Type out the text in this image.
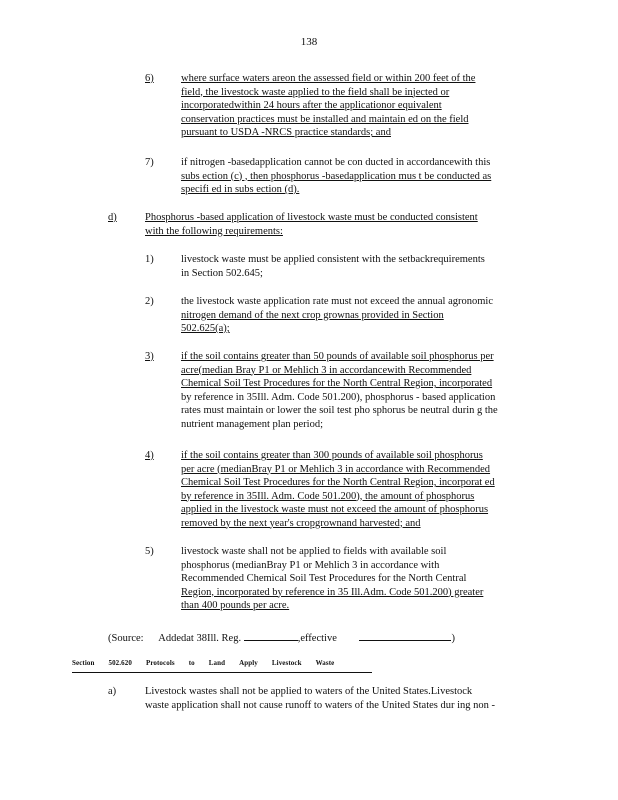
138
6)	where surface waters areon the assessed field or within 200 feet of the
field, the livestock waste applied to the field shall be injected or
incorporatedwithin 24 hours after the applicationor equivalent
conservation practices must be installed and maintain ed on the field
pursuant to USDA -NRCS practice standards; and
7)	if nitrogen -basedapplication cannot be con ducted in accordancewith this
subs ection (c) , then phosphorus -basedapplication mus t be conducted as
specifi ed in subs ection (d).
d)	Phosphorus -based application of livestock waste must be conducted consistent
with the following requirements:
1)	livestock waste must be applied consistent with the setbackrequirements
in Section 502.645;
2)	the livestock waste application rate must not exceed the annual agronomic
nitrogen demand of the next crop grownas provided in Section
502.625(a);
3)	if the soil contains greater than 50 pounds of available soil phosphorus per
acre(median Bray P1 or Mehlich 3 in accordancewith Recommended
Chemical Soil Test Procedures for the North Central Region, incorporated
by reference in 35Ill. Adm. Code 501.200), phosphorus - based application
rates must maintain or lower the soil test pho sphorus be neutral durin g the
nutrient management plan period;
4)	if the soil contains greater than 300 pounds of available soil phosphorus
per acre (medianBray P1 or Mehlich 3 in accordance with Recommended
Chemical Soil Test Procedures for the North Central Region, incorporat ed
by reference in 35Ill. Adm. Code 501.200), the amount of phosphorus
applied in the livestock waste must not exceed the amount of phosphorus
removed by the next year's cropgrownand harvested; and
5)	livestock waste shall not be applied to fields with available soil
phosphorus (medianBray P1 or Mehlich 3 in accordance with
Recommended Chemical Soil Test Procedures for the North Central
Region, incorporated by reference in 35 Ill.Adm. Code 501.200) greater
than 400 pounds per acre.
(Source: Addedat 38Ill. Reg.	,effective	)
Section 502.620 Protocols to Land Apply Livestock Waste
a)	Livestock wastes shall not be applied to waters of the United States.Livestock
waste application shall not cause runoff to waters of the United States dur ing non -
